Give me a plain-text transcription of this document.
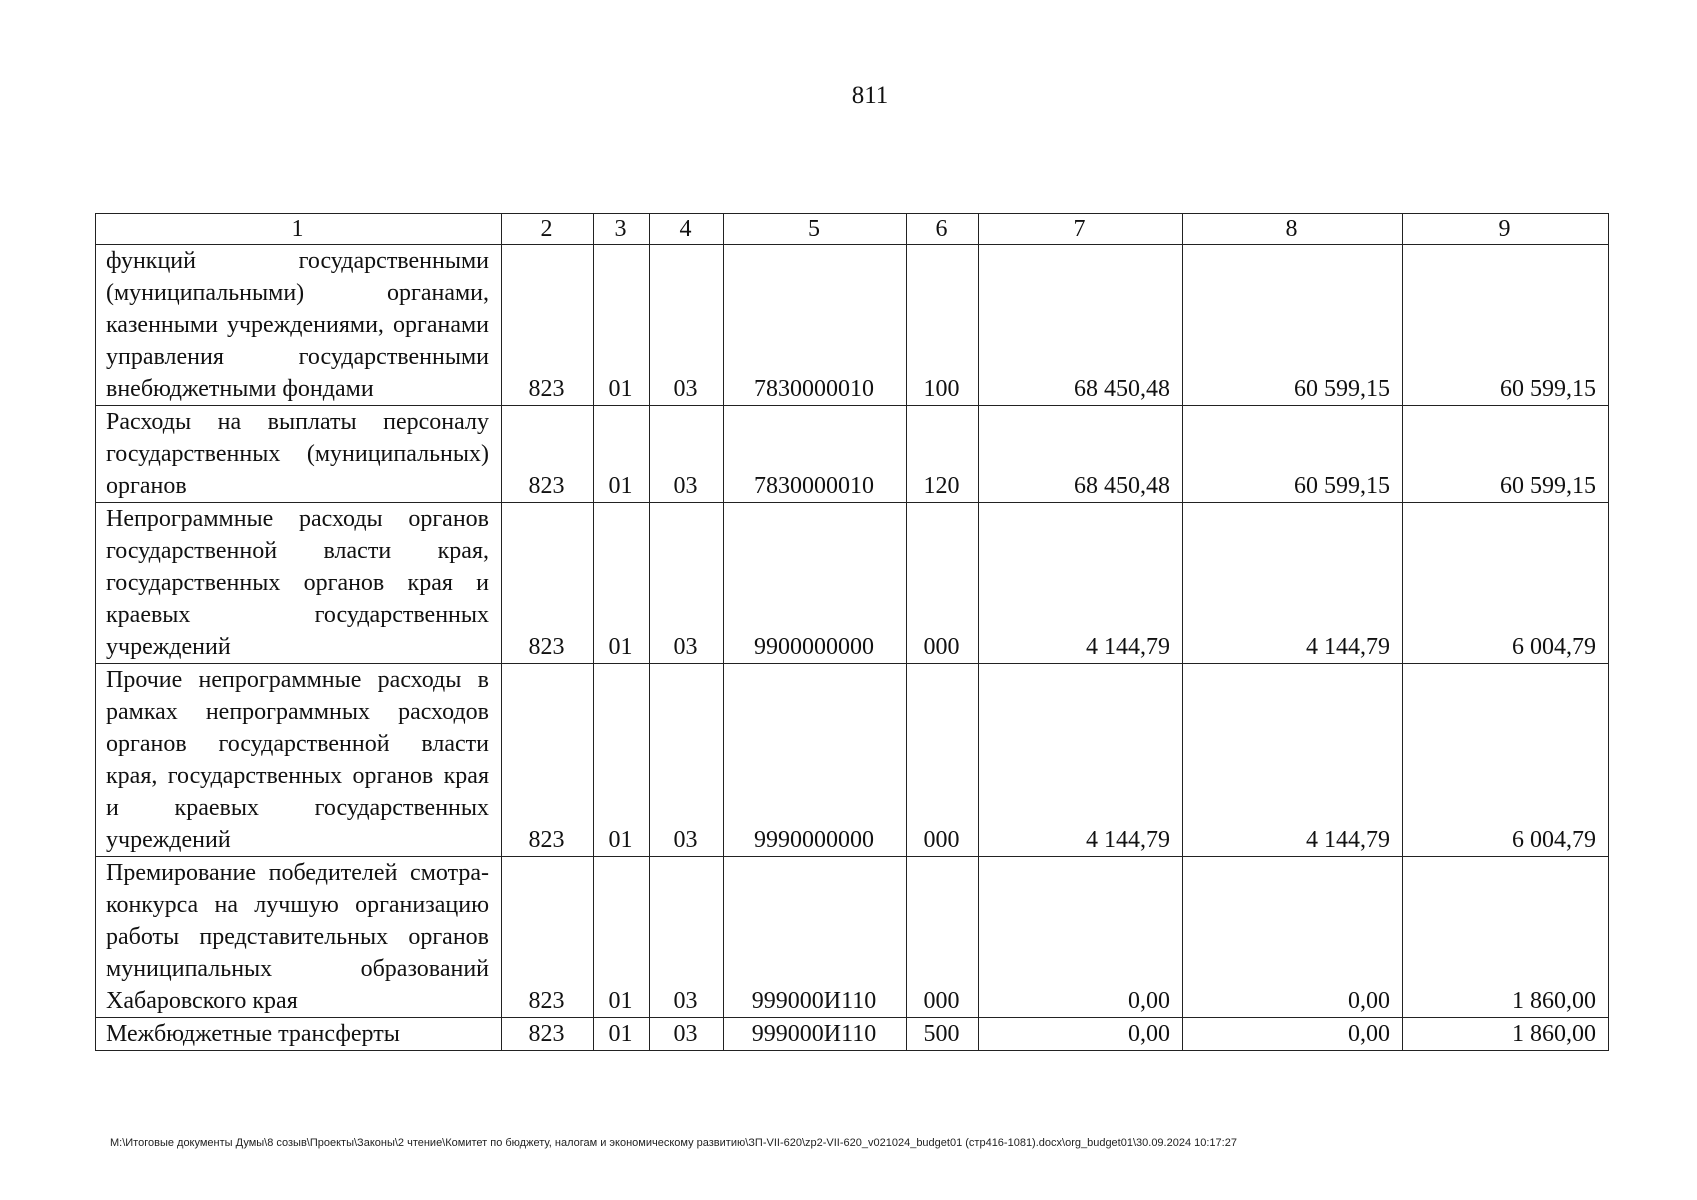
811
1	2	3	4	5	6	7	8	9
функций государственными (муниципальными) органами, казенными учреждениями, органами управления государственными внебюджетными фондами	823	01	03	7830000010	100	68 450,48	60 599,15	60 599,15
Расходы на выплаты персоналу государственных (муниципальных) органов	823	01	03	7830000010	120	68 450,48	60 599,15	60 599,15
Непрограммные расходы органов государственной власти края, государственных органов края и краевых государственных учреждений	823	01	03	9900000000	000	4 144,79	4 144,79	6 004,79
Прочие непрограммные расходы в рамках непрограммных расходов органов государственной власти края, государственных органов края и краевых государственных учреждений	823	01	03	9990000000	000	4 144,79	4 144,79	6 004,79
Премирование победителей смотра-конкурса на лучшую организацию работы представительных органов муниципальных образований Хабаровского края	823	01	03	999000И110	000	0,00	0,00	1 860,00
Межбюджетные трансферты	823	01	03	999000И110	500	0,00	0,00	1 860,00
M:\Итоговые документы Думы\8 созыв\Проекты\Законы\2 чтение\Комитет по бюджету, налогам и экономическому развитию\ЗП-VII-620\zp2-VII-620_v021024_budget01 (стр416-1081).docx\org_budget01\30.09.2024 10:17:27
